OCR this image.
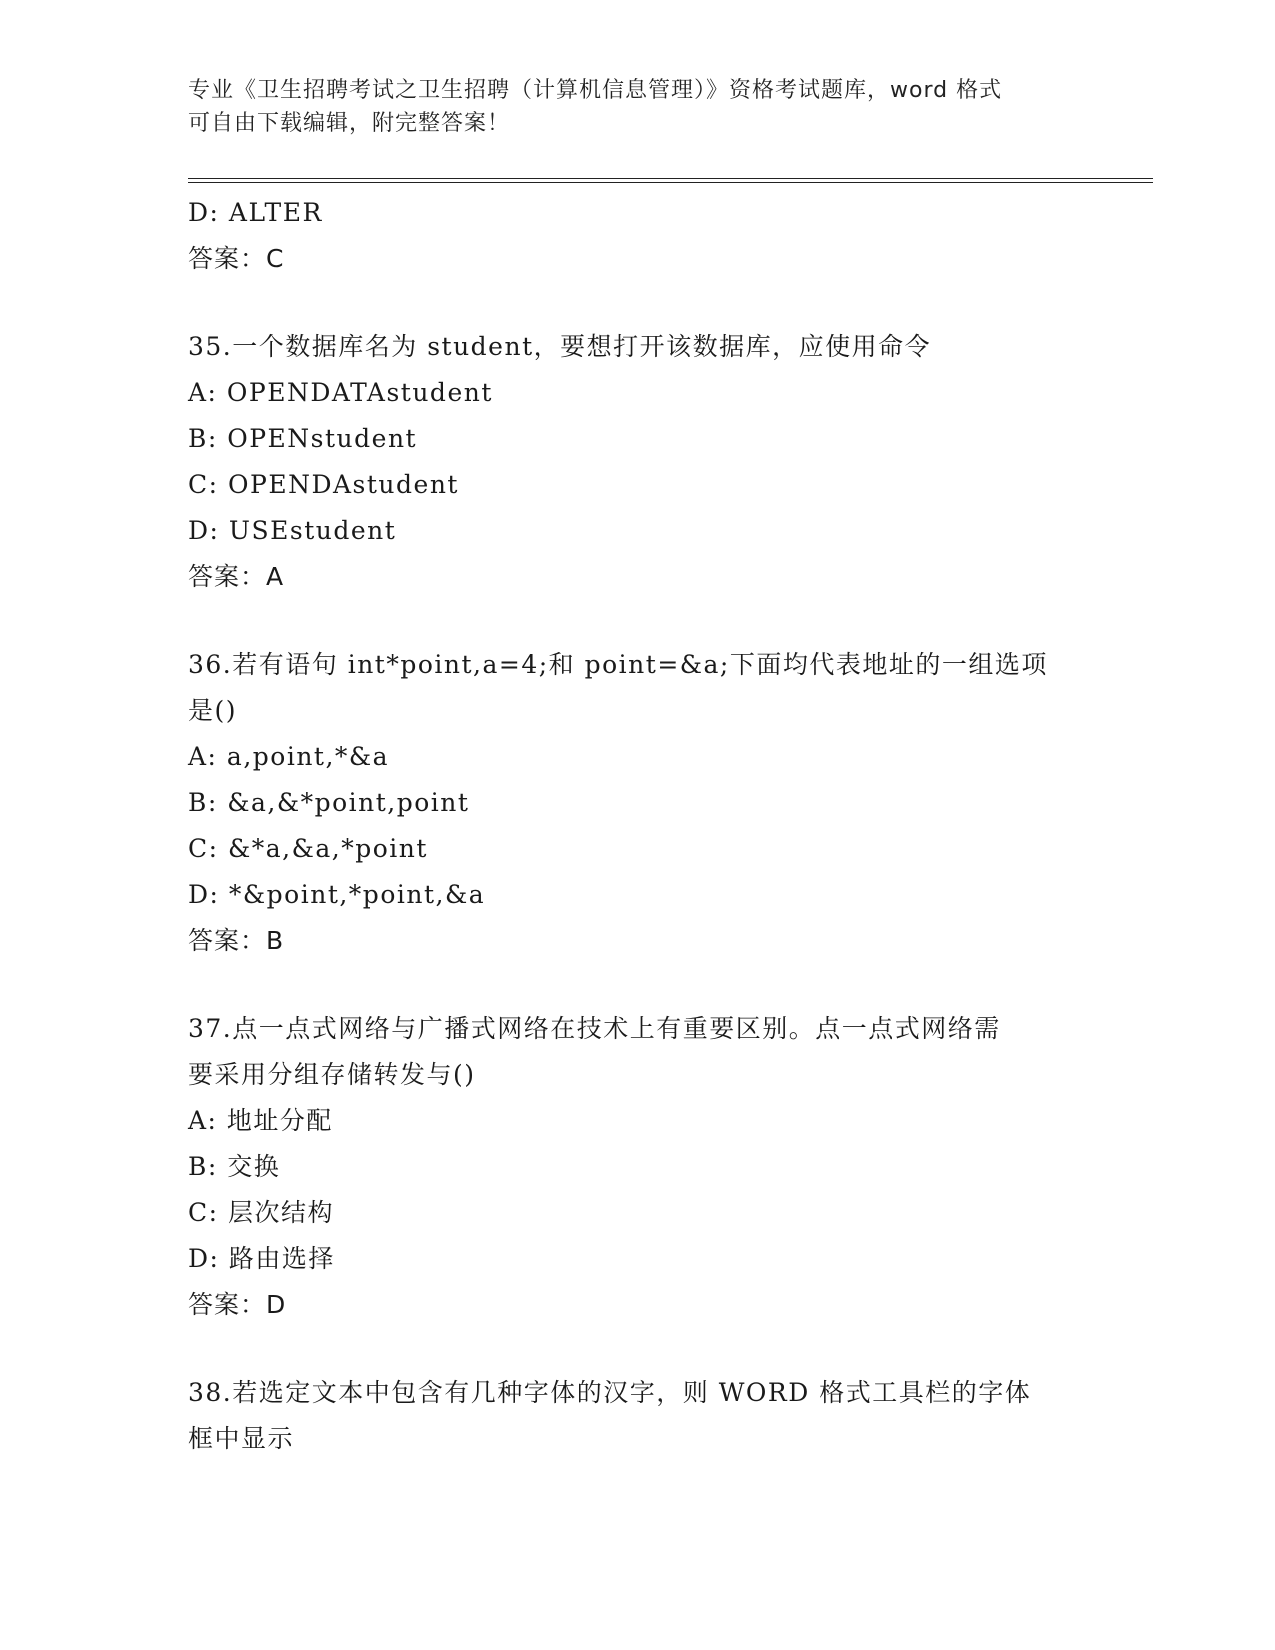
专业《卫生招聘考试之卫生招聘（计算机信息管理）》资格考试题库，word 格式
可自由下载编辑，附完整答案！
D: ALTER
答案：C
35.一个数据库名为 student，要想打开该数据库，应使用命令
A: OPENDATAstudent
B: OPENstudent
C: OPENDAstudent
D: USEstudent
答案：A
36.若有语句 int*point,a=4;和 point=&a;下面均代表地址的一组选项
是()
A: a,point,*&a
B: &a,&*point,point
C: &*a,&a,*point
D: *&point,*point,&a
答案：B
37.点一点式网络与广播式网络在技术上有重要区别。点一点式网络需
要采用分组存储转发与()
A: 地址分配
B: 交换
C: 层次结构
D: 路由选择
答案：D
38.若选定文本中包含有几种字体的汉字，则 WORD 格式工具栏的字体
框中显示
